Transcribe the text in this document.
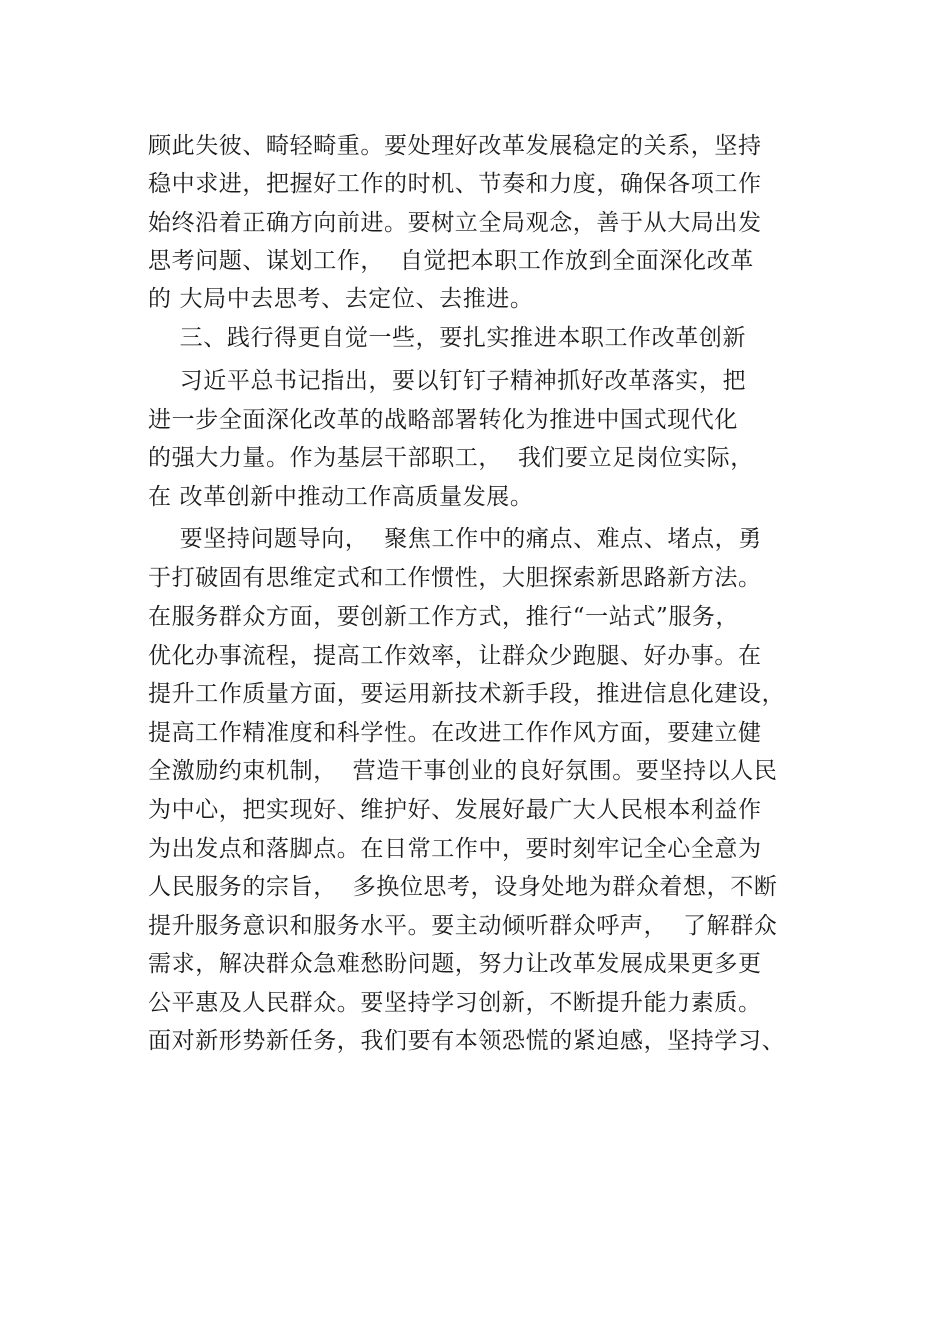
顾此失彼、畸轻畸重。要处理好改革发展稳定的关系，坚持
稳中求进，把握好工作的时机、节奏和力度，确保各项工作
始终沿着正确方向前进。要树立全局观念，善于从大局出发
思考问题、谋划工作，  自觉把本职工作放到全面深化改革
的 大局中去思考、去定位、去推进。
三、践行得更自觉一些，要扎实推进本职工作改革创新
习近平总书记指出，要以钉钉子精神抓好改革落实，把
进一步全面深化改革的战略部署转化为推进中国式现代化
的强大力量。作为基层干部职工，  我们要立足岗位实际，
在 改革创新中推动工作高质量发展。
要坚持问题导向，  聚焦工作中的痛点、难点、堵点，勇
于打破固有思维定式和工作惯性，大胆探索新思路新方法。
在服务群众方面，要创新工作方式，推行“一站式”服务，
优化办事流程，提高工作效率，让群众少跑腿、好办事。在
提升工作质量方面，要运用新技术新手段，推进信息化建设，
提高工作精准度和科学性。在改进工作作风方面，要建立健
全激励约束机制，  营造干事创业的良好氛围。要坚持以人民
为中心，把实现好、维护好、发展好最广大人民根本利益作
为出发点和落脚点。在日常工作中，要时刻牢记全心全意为
人民服务的宗旨，  多换位思考，设身处地为群众着想，不断
提升服务意识和服务水平。要主动倾听群众呼声，  了解群众
需求，解决群众急难愁盼问题，努力让改革发展成果更多更
公平惠及人民群众。要坚持学习创新，不断提升能力素质。
面对新形势新任务，我们要有本领恐慌的紧迫感，坚持学习、
